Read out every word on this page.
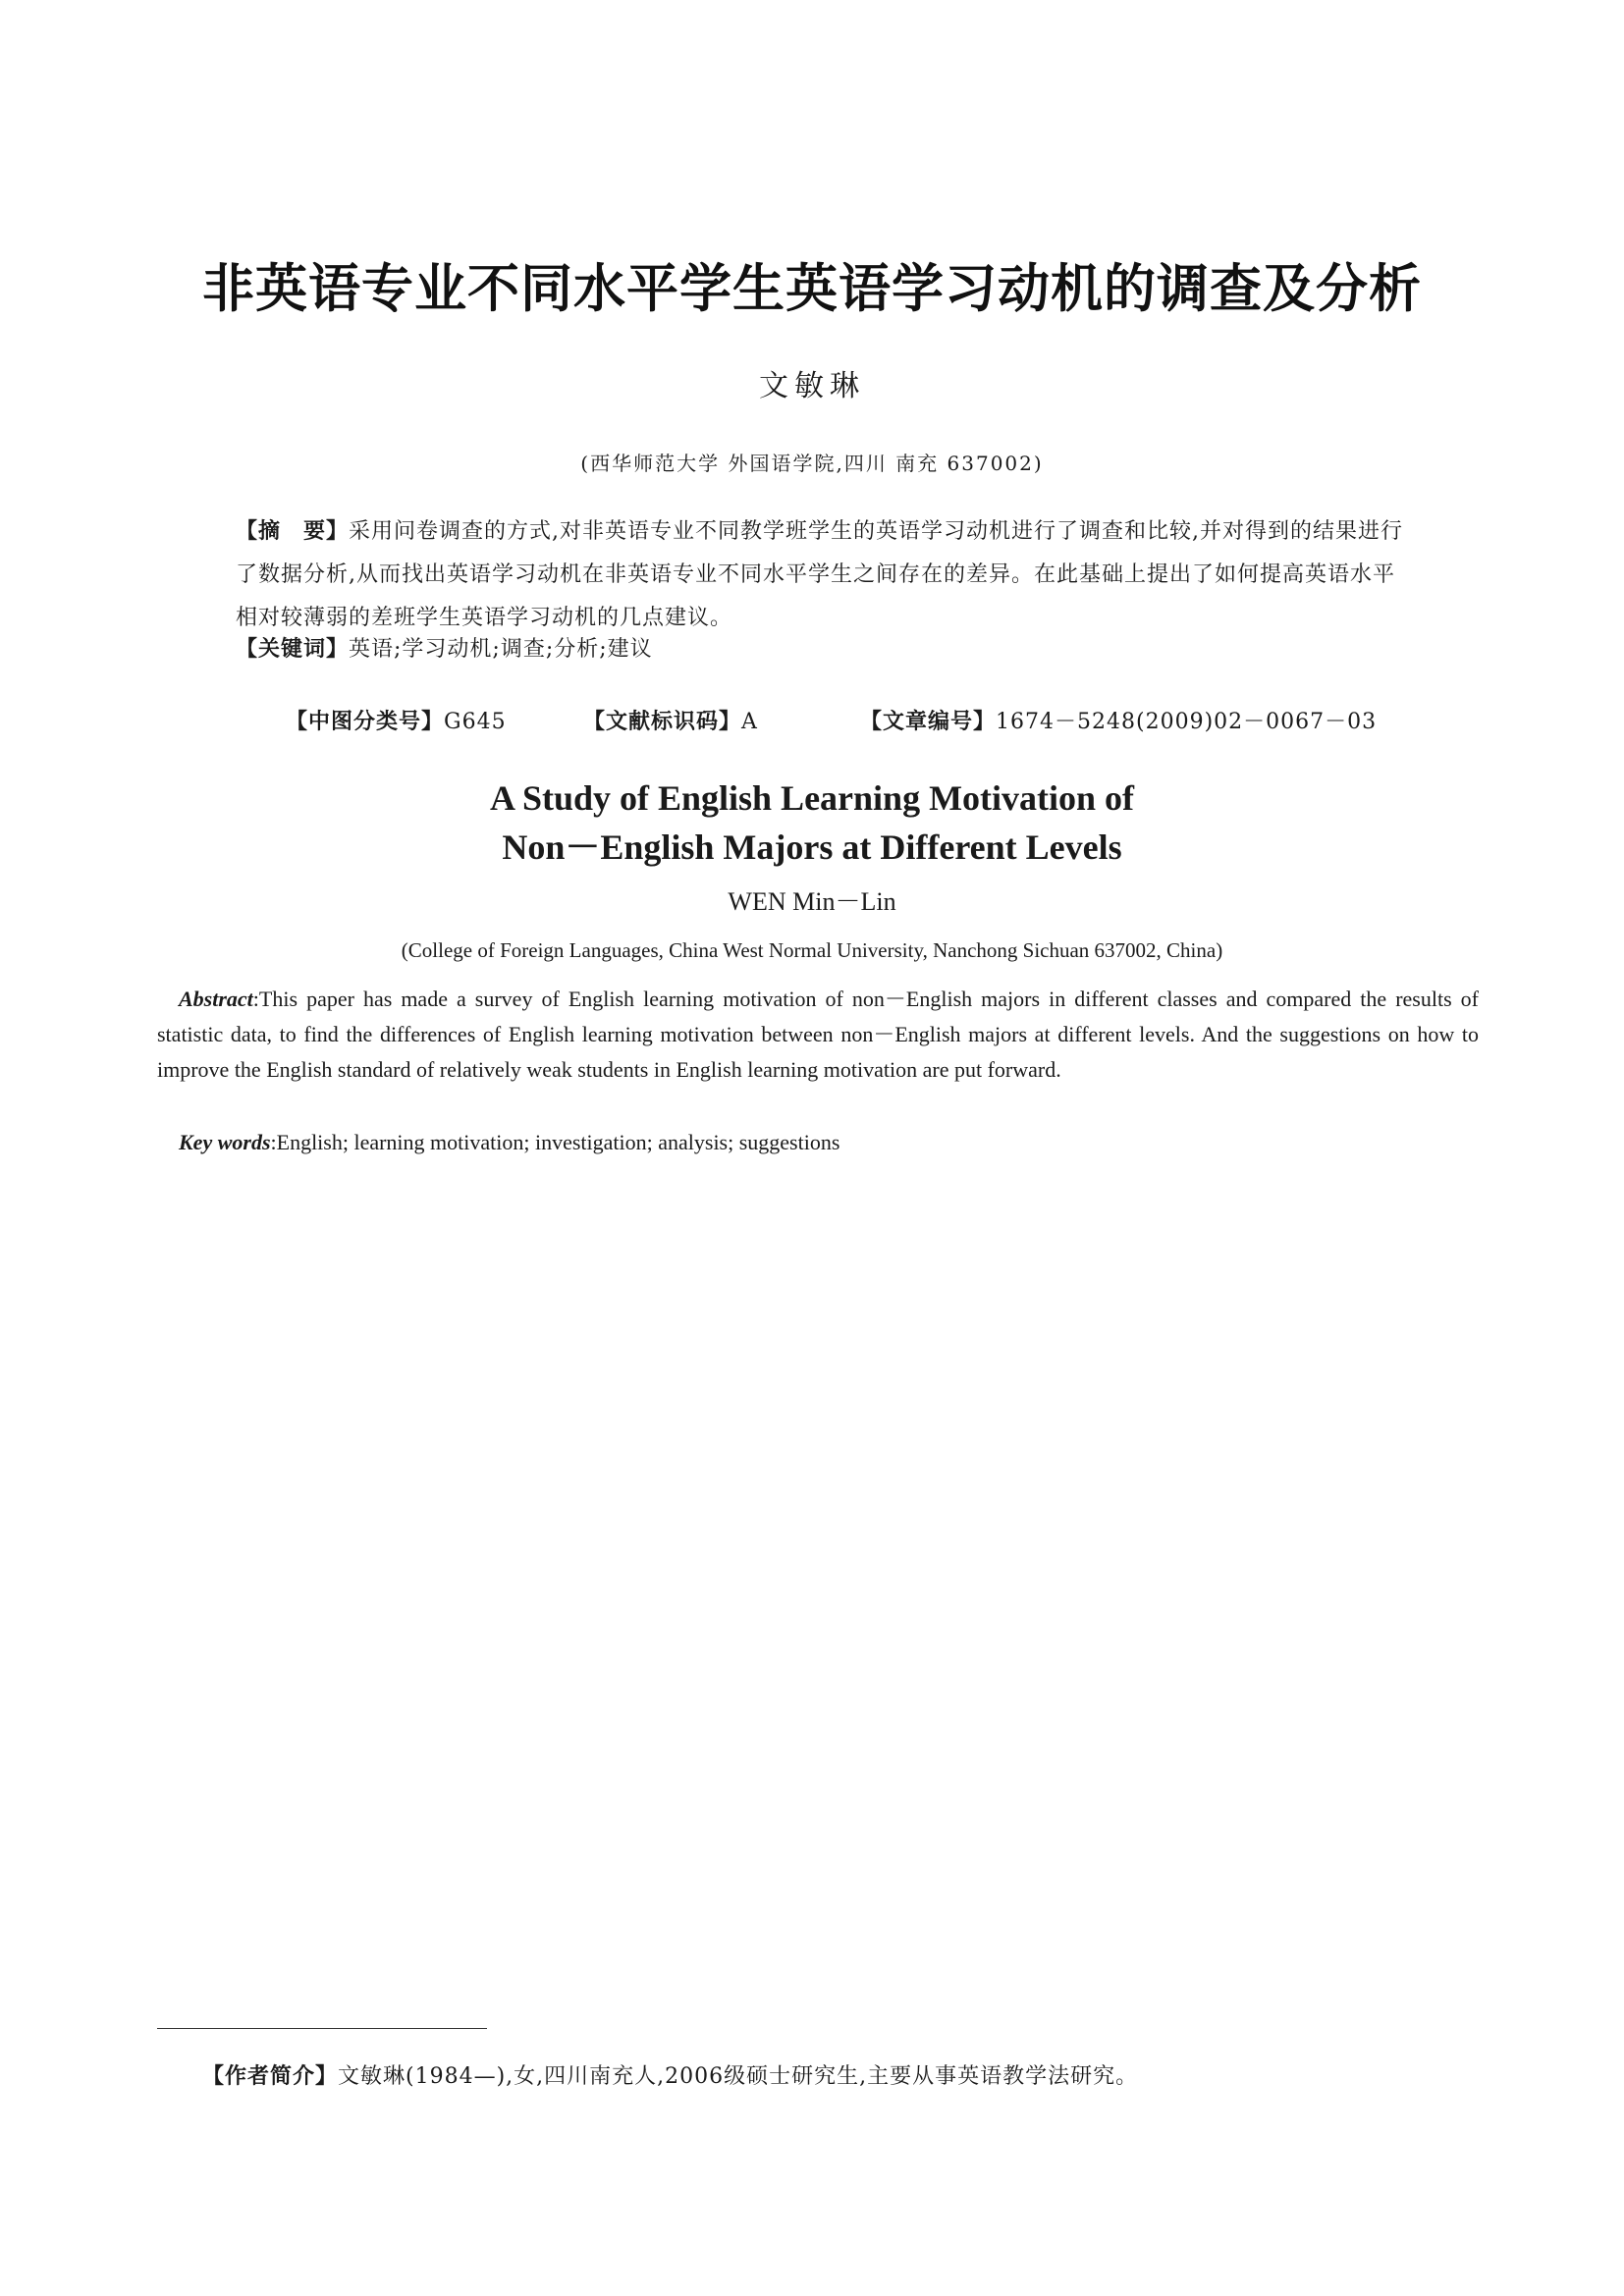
非英语专业不同水平学生英语学习动机的调查及分析
文敏琳
(西华师范大学 外国语学院,四川 南充 637002)
【摘　要】采用问卷调查的方式,对非英语专业不同教学班学生的英语学习动机进行了调查和比较,并对得到的结果进行了数据分析,从而找出英语学习动机在非英语专业不同水平学生之间存在的差异。在此基础上提出了如何提高英语水平相对较薄弱的差班学生英语学习动机的几点建议。
【关键词】英语;学习动机;调查;分析;建议
【中图分类号】G645	【文献标识码】A	【文章编号】1674－5248(2009)02－0067－03
A Study of English Learning Motivation of
Non－English Majors at Different Levels
WEN Min－Lin
(College of Foreign Languages, China West Normal University, Nanchong Sichuan 637002, China)
Abstract:This paper has made a survey of English learning motivation of non－English majors in different classes and compared the results of statistic data, to find the differences of English learning motivation between non－English majors at different levels. And the suggestions on how to improve the English standard of relatively weak students in English learning motivation are put forward.
Key words:English; learning motivation; investigation; analysis; suggestions
【作者简介】文敏琳(1984—),女,四川南充人,2006级硕士研究生,主要从事英语教学法研究。
